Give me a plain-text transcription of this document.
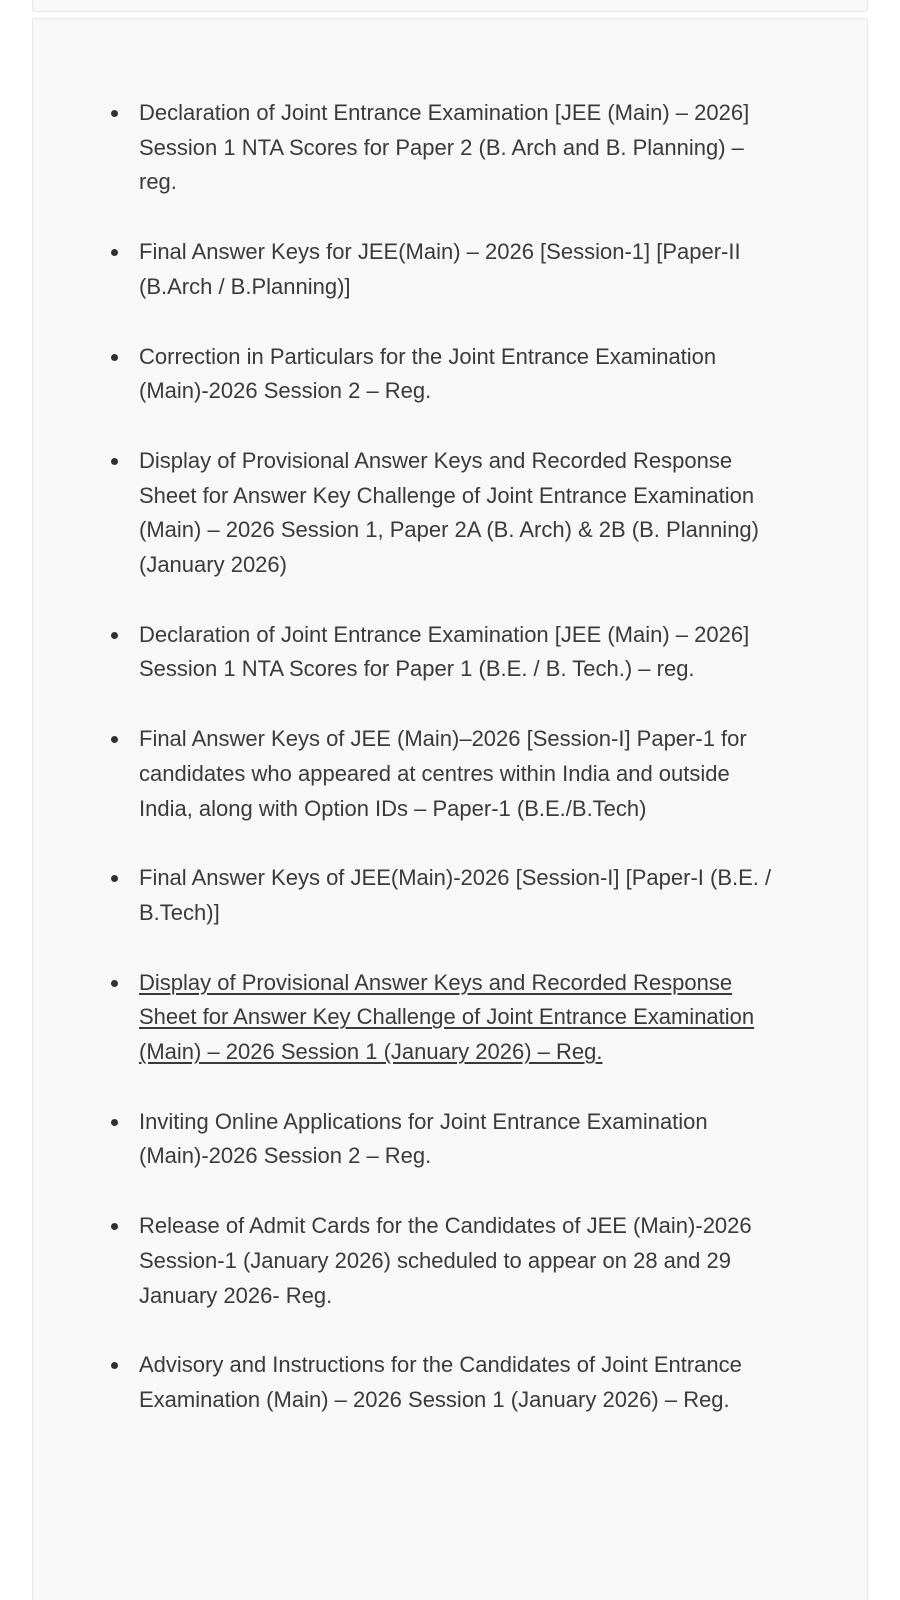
Declaration of Joint Entrance Examination [JEE (Main) – 2026] Session 1 NTA Scores for Paper 2 (B. Arch and B. Planning) – reg.
Final Answer Keys for JEE(Main) – 2026 [Session-1] [Paper-II (B.Arch / B.Planning)]
Correction in Particulars for the Joint Entrance Examination (Main)-2026 Session 2 – Reg.
Display of Provisional Answer Keys and Recorded Response Sheet for Answer Key Challenge of Joint Entrance Examination (Main) – 2026 Session 1, Paper 2A (B. Arch) & 2B (B. Planning) (January 2026)
Declaration of Joint Entrance Examination [JEE (Main) – 2026] Session 1 NTA Scores for Paper 1 (B.E. / B. Tech.) – reg.
Final Answer Keys of JEE (Main)–2026 [Session-I] Paper-1 for candidates who appeared at centres within India and outside India, along with Option IDs – Paper-1 (B.E./B.Tech)
Final Answer Keys of JEE(Main)-2026 [Session-I] [Paper-I (B.E. / B.Tech)]
Display of Provisional Answer Keys and Recorded Response Sheet for Answer Key Challenge of Joint Entrance Examination (Main) – 2026 Session 1 (January 2026) – Reg.
Inviting Online Applications for Joint Entrance Examination (Main)-2026 Session 2 – Reg.
Release of Admit Cards for the Candidates of JEE (Main)-2026 Session-1 (January 2026) scheduled to appear on 28 and 29 January 2026- Reg.
Advisory and Instructions for the Candidates of Joint Entrance Examination (Main) – 2026 Session 1 (January 2026) – Reg.
